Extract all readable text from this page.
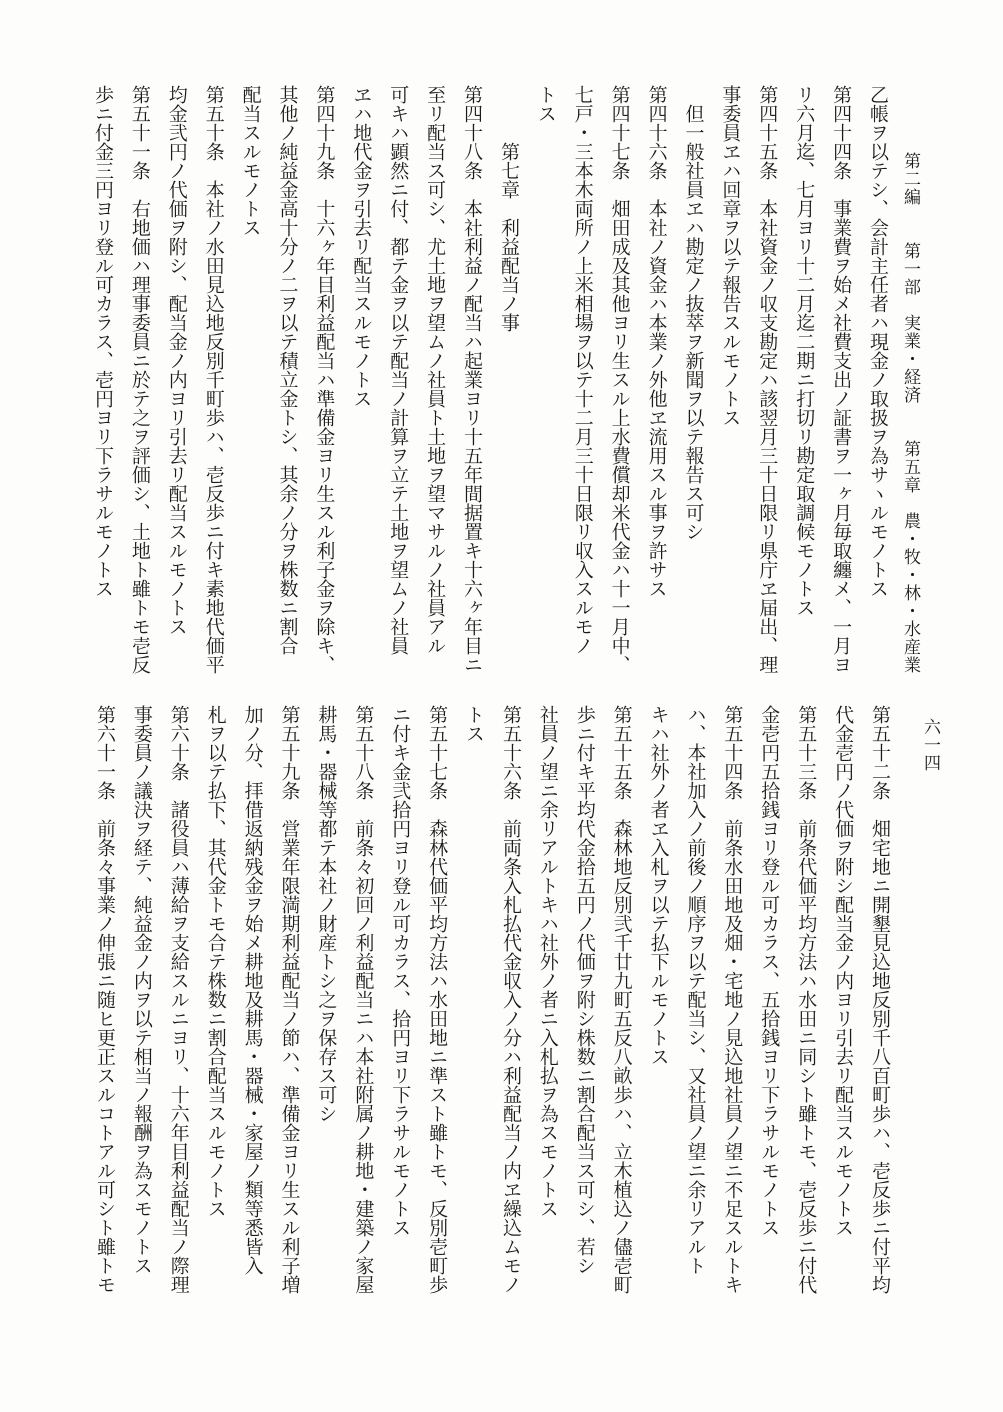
第二編　　第一部　実業・経済　　第五章　農・牧・林・水産業
六一四
乙帳ヲ以テシ、会計主任者ハ現金ノ取扱ヲ為サヽルモノトス
第四十四条　事業費ヲ始メ社費支出ノ証書ヲ一ヶ月毎取纏メ、一月ヨ
リ六月迄、七月ヨリ十二月迄二期ニ打切リ勘定取調候モノトス
第四十五条　本社資金ノ収支勘定ハ該翌月三十日限リ県庁ヱ届出、理
事委員ヱハ回章ヲ以テ報告スルモノトス
　但一般社員ヱハ勘定ノ抜萃ヲ新聞ヲ以テ報告ス可シ
第四十六条　本社ノ資金ハ本業ノ外他ヱ流用スル事ヲ許サス
第四十七条　畑田成及其他ヨリ生スル上水費償却米代金ハ十一月中、
七戸・三本木両所ノ上米相場ヲ以テ十二月三十日限リ収入スルモノ
トス
　　　第七章　利益配当ノ事
第四十八条　本社利益ノ配当ハ起業ヨリ十五年間据置キ十六ヶ年目ニ
至リ配当ス可シ、尤土地ヲ望ムノ社員ト土地ヲ望マサルノ社員アル
可キハ顕然ニ付、都テ金ヲ以テ配当ノ計算ヲ立テ土地ヲ望ムノ社員
ヱハ地代金ヲ引去リ配当スルモノトス
第四十九条　十六ヶ年目利益配当ハ準備金ヨリ生スル利子金ヲ除キ、
其他ノ純益金高十分ノ二ヲ以テ積立金トシ、其余ノ分ヲ株数ニ割合
配当スルモノトス
第五十条　本社ノ水田見込地反別千町歩ハ、壱反歩ニ付キ素地代価平
均金弐円ノ代価ヲ附シ、配当金ノ内ヨリ引去リ配当スルモノトス
第五十一条　右地価ハ理事委員ニ於テ之ヲ評価シ、土地ト雖トモ壱反
歩ニ付金三円ヨリ登ル可カラス、壱円ヨリ下ラサルモノトス
第五十二条　畑宅地ニ開墾見込地反別千八百町歩ハ、壱反歩ニ付平均
代金壱円ノ代価ヲ附シ配当金ノ内ヨリ引去リ配当スルモノトス
第五十三条　前条代価平均方法ハ水田ニ同シト雖トモ、壱反歩ニ付代
金壱円五拾銭ヨリ登ル可カラス、五拾銭ヨリ下ラサルモノトス
第五十四条　前条水田地及畑・宅地ノ見込地社員ノ望ニ不足スルトキ
ハ、本社加入ノ前後ノ順序ヲ以テ配当シ、又社員ノ望ニ余リアルト
キハ社外ノ者ヱ入札ヲ以テ払下ルモノトス
第五十五条　森林地反別弐千廿九町五反八畝歩ハ、立木植込ノ儘壱町
歩ニ付キ平均代金拾五円ノ代価ヲ附シ株数ニ割合配当ス可シ、若シ
社員ノ望ニ余リアルトキハ社外ノ者ニ入札払ヲ為スモノトス
第五十六条　前両条入札払代金収入ノ分ハ利益配当ノ内ヱ繰込ムモノ
トス
第五十七条　森林代価平均方法ハ水田地ニ準スト雖トモ、反別壱町歩
ニ付キ金弐拾円ヨリ登ル可カラス、拾円ヨリ下ラサルモノトス
第五十八条　前条々初回ノ利益配当ニハ本社附属ノ耕地・建築ノ家屋
耕馬・器械等都テ本社ノ財産トシ之ヲ保存ス可シ
第五十九条　営業年限満期利益配当ノ節ハ、準備金ヨリ生スル利子増
加ノ分、拝借返納残金ヲ始メ耕地及耕馬・器械・家屋ノ類等悉皆入
札ヲ以テ払下、其代金トモ合テ株数ニ割合配当スルモノトス
第六十条　諸役員ハ薄給ヲ支給スルニヨリ、十六年目利益配当ノ際理
事委員ノ議決ヲ経テ、純益金ノ内ヲ以テ相当ノ報酬ヲ為スモノトス
第六十一条　前条々事業ノ伸張ニ随ヒ更正スルコトアル可シト雖トモ
